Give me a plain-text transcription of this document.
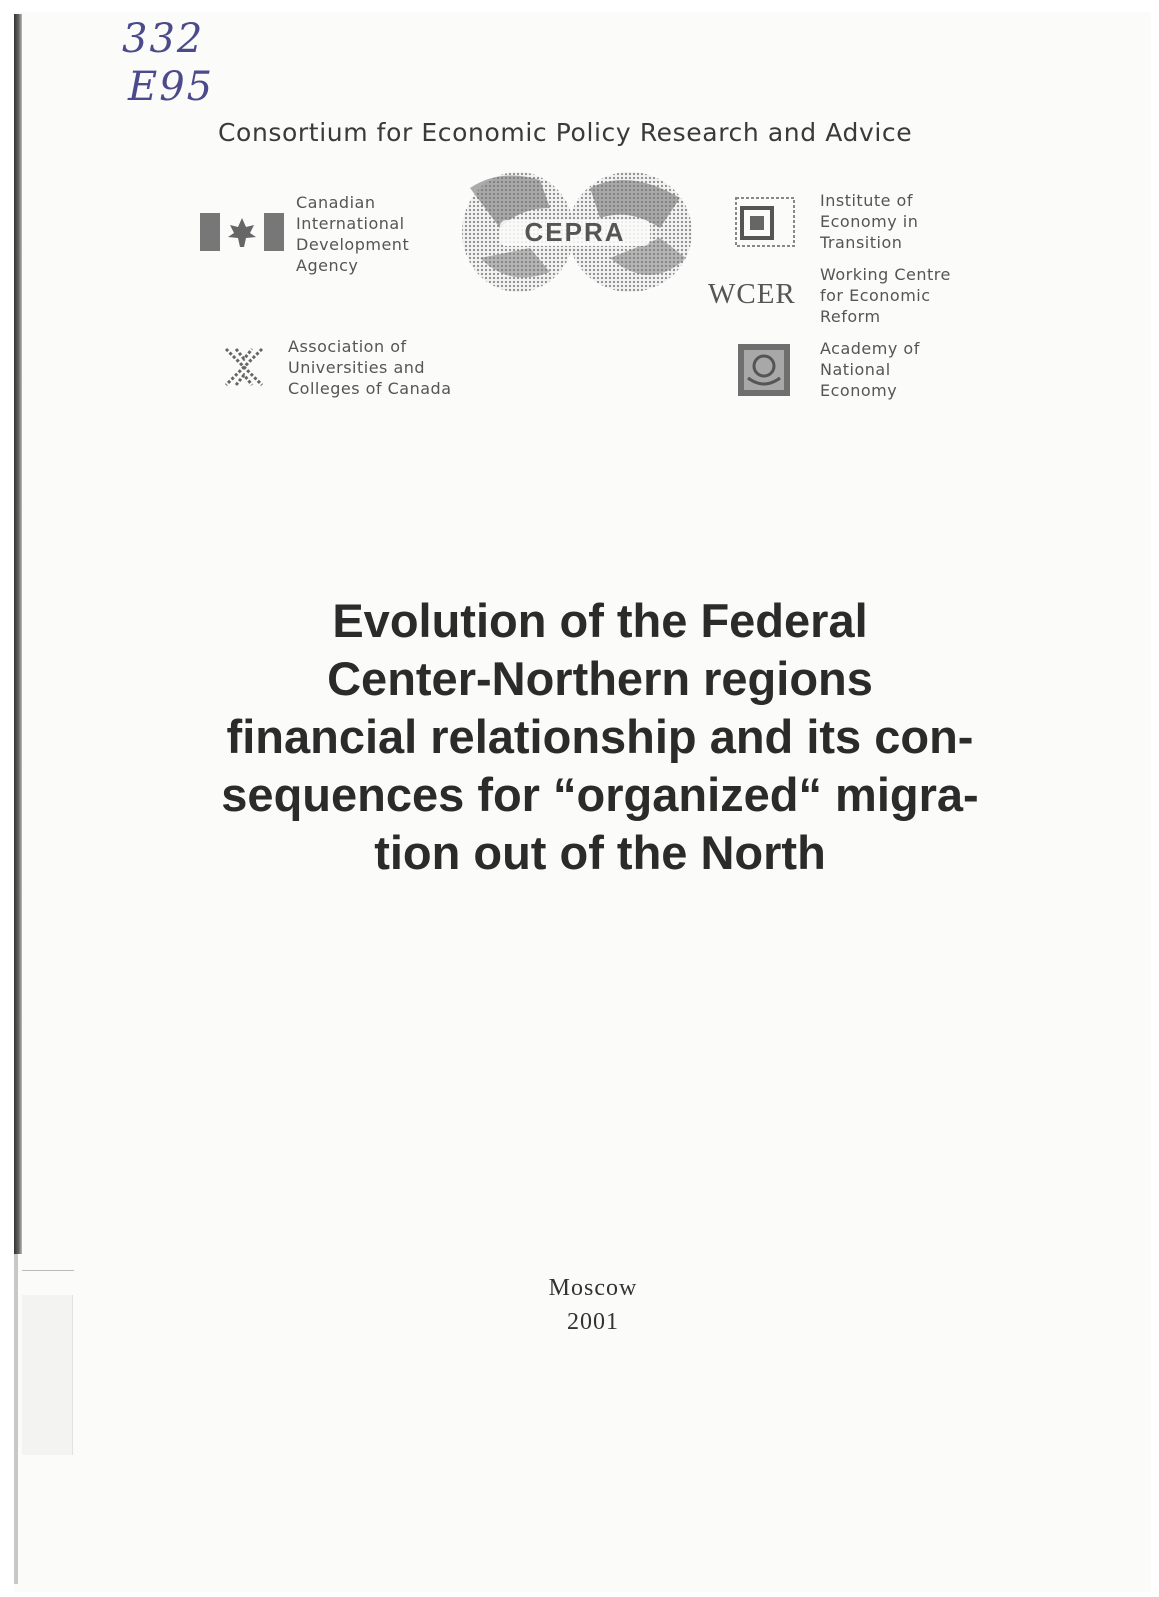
332
E95
Consortium for Economic Policy Research and Advice
Canadian
International
Development
Agency
CEPRA
Association of
Universities and
Colleges of Canada
Institute of
Economy in
Transition
WCER
Working Centre
for Economic
Reform
Academy of
National
Economy
Evolution of the Federal
Center-Northern regions
financial relationship and its con-
sequences for “organized“ migra-
tion out of the North
Moscow
2001
